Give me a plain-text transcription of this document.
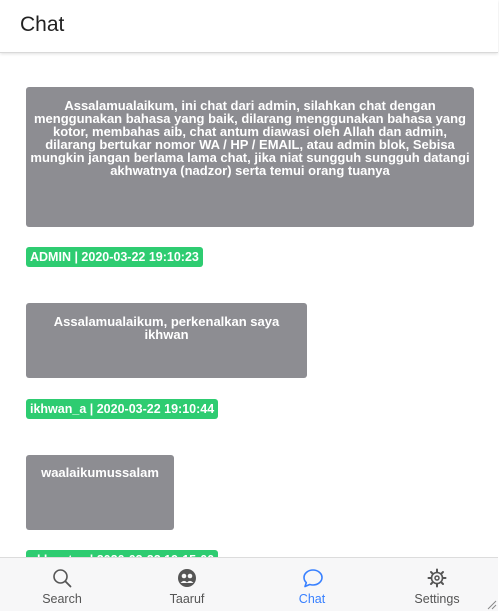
Chat
Assalamualaikum, ini chat dari admin, silahkan chat dengan menggunakan bahasa yang baik, dilarang menggunakan bahasa yang kotor, membahas aib, chat antum diawasi oleh Allah dan admin, dilarang bertukar nomor WA / HP / EMAIL, atau admin blok, Sebisa mungkin jangan berlama lama chat, jika niat sungguh sungguh datangi akhwatnya (nadzor) serta temui orang tuanya
ADMIN | 2020-03-22 19:10:23
Assalamualaikum, perkenalkan saya ikhwan
ikhwan_a | 2020-03-22 19:10:44
waalaikumussalam
Search	Taaruf	Chat	Settings
